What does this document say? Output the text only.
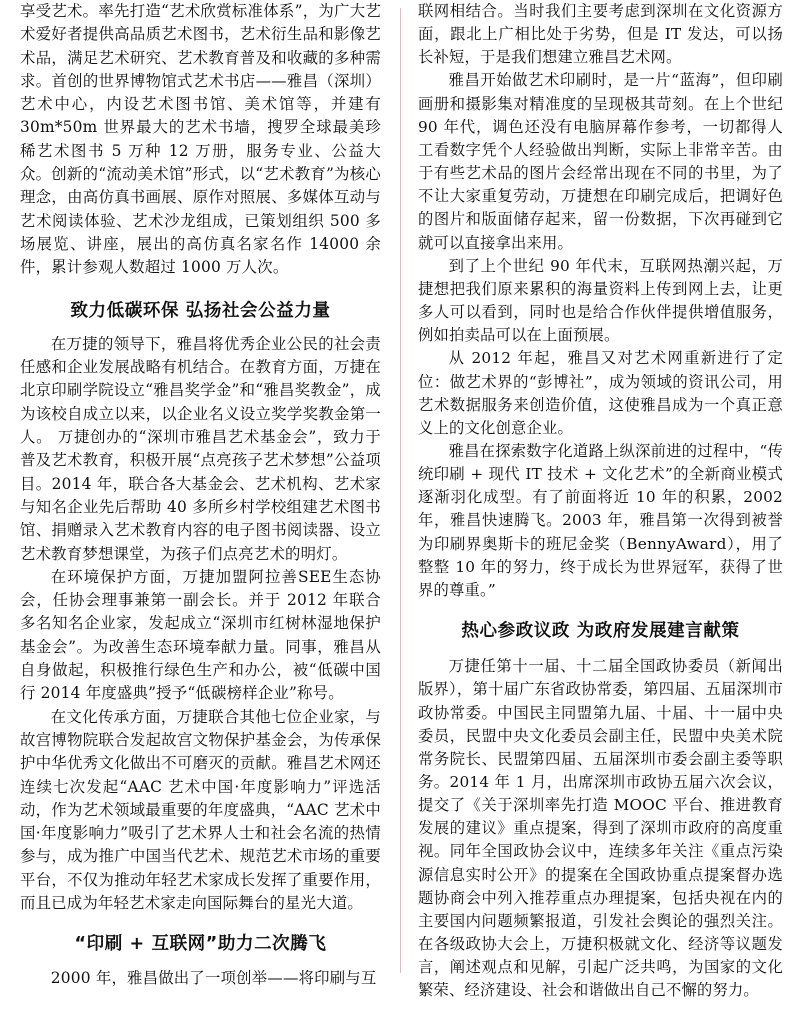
享受艺术。率先打造“艺术欣赏标准体系”，为广大艺术爱好者提供高品质艺术图书，艺术衍生品和影像艺术品，满足艺术研究、艺术教育普及和收藏的多种需求。首创的世界博物馆式艺术书店——雅昌（深圳）艺术中心，内设艺术图书馆、美术馆等，并建有 30m*50m 世界最大的艺术书墙，搜罗全球最美珍稀艺术图书 5 万种 12 万册，服务专业、公益大众。创新的“流动美术馆”形式，以“艺术教育”为核心理念，由高仿真书画展、原作对照展、多媒体互动与艺术阅读体验、艺术沙龙组成，已策划组织 500 多场展览、讲座，展出的高仿真名家名作 14000 余件，累计参观人数超过 1000 万人次。

致力低碳环保 弘扬社会公益力量

在万捷的领导下，雅昌将优秀企业公民的社会责任感和企业发展战略有机结合。在教育方面，万捷在北京印刷学院设立“雅昌奖学金”和“雅昌奖教金”，成为该校自成立以来，以企业名义设立奖学奖教金第一人。 万捷创办的“深圳市雅昌艺术基金会”，致力于普及艺术教育，积极开展“点亮孩子艺术梦想”公益项目。2014 年，联合各大基金会、艺术机构、艺术家与知名企业先后帮助 40 多所乡村学校组建艺术图书馆、捐赠录入艺术教育内容的电子图书阅读器、设立艺术教育梦想课堂，为孩子们点亮艺术的明灯。

在环境保护方面，万捷加盟阿拉善SEE生态协会，任协会理事兼第一副会长。并于 2012 年联合多名知名企业家，发起成立“深圳市红树林湿地保护基金会”。为改善生态环境奉献力量。同事，雅昌从自身做起，积极推行绿色生产和办公，被“低碳中国行 2014 年度盛典”授予“低碳榜样企业”称号。

在文化传承方面，万捷联合其他七位企业家，与故宫博物院联合发起故宫文物保护基金会，为传承保护中华优秀文化做出不可磨灭的贡献。雅昌艺术网还连续七次发起“AAC 艺术中国·年度影响力”评选活动，作为艺术领域最重要的年度盛典，“AAC 艺术中国·年度影响力”吸引了艺术界人士和社会名流的热情参与，成为推广中国当代艺术、规范艺术市场的重要平台，不仅为推动年轻艺术家成长发挥了重要作用，而且已成为年轻艺术家走向国际舞台的星光大道。

“印刷 + 互联网”助力二次腾飞

2000 年，雅昌做出了一项创举——将印刷与互

联网相结合。当时我们主要考虑到深圳在文化资源方面，跟北上广相比处于劣势，但是 IT 发达，可以扬长补短，于是我们想建立雅昌艺术网。

雅昌开始做艺术印刷时，是一片“蓝海”，但印刷画册和摄影集对精准度的呈现极其苛刻。在上个世纪 90 年代，调色还没有电脑屏幕作参考，一切都得人工看数字凭个人经验做出判断，实际上非常辛苦。由于有些艺术品的图片会经常出现在不同的书里，为了不让大家重复劳动，万捷想在印刷完成后，把调好色的图片和版面储存起来，留一份数据，下次再碰到它就可以直接拿出来用。

到了上个世纪 90 年代末，互联网热潮兴起，万捷想把我们原来累积的海量资料上传到网上去，让更多人可以看到，同时也是给合作伙伴提供增值服务，例如拍卖品可以在上面预展。

从 2012 年起，雅昌又对艺术网重新进行了定位：做艺术界的“彭博社”，成为领域的资讯公司，用艺术数据服务来创造价值，这使雅昌成为一个真正意义上的文化创意企业。

雅昌在探索数字化道路上纵深前进的过程中，“传统印刷 + 现代 IT 技术 + 文化艺术”的全新商业模式逐渐羽化成型。有了前面将近 10 年的积累，2002 年，雅昌快速腾飞。2003 年，雅昌第一次得到被誉为印刷界奥斯卡的班尼金奖（BennyAward），用了整整 10 年的努力，终于成长为世界冠军，获得了世界的尊重。”

热心参政议政 为政府发展建言献策

万捷任第十一届、十二届全国政协委员（新闻出版界），第十届广东省政协常委，第四届、五届深圳市政协常委。中国民主同盟第九届、十届、十一届中央委员，民盟中央文化委员会副主任，民盟中央美术院常务院长、民盟第四届、五届深圳市委会副主委等职务。2014 年 1 月，出席深圳市政协五届六次会议，提交了《关于深圳率先打造 MOOC 平台、推进教育发展的建议》重点提案，得到了深圳市政府的高度重视。同年全国政协会议中，连续多年关注《重点污染源信息实时公开》的提案在全国政协重点提案督办选题协商会中列入推荐重点办理提案，包括央视在内的主要国内问题频繁报道，引发社会舆论的强烈关注。在各级政协大会上，万捷积极就文化、经济等议题发言，阐述观点和见解，引起广泛共鸣，为国家的文化繁荣、经济建设、社会和谐做出自己不懈的努力。
